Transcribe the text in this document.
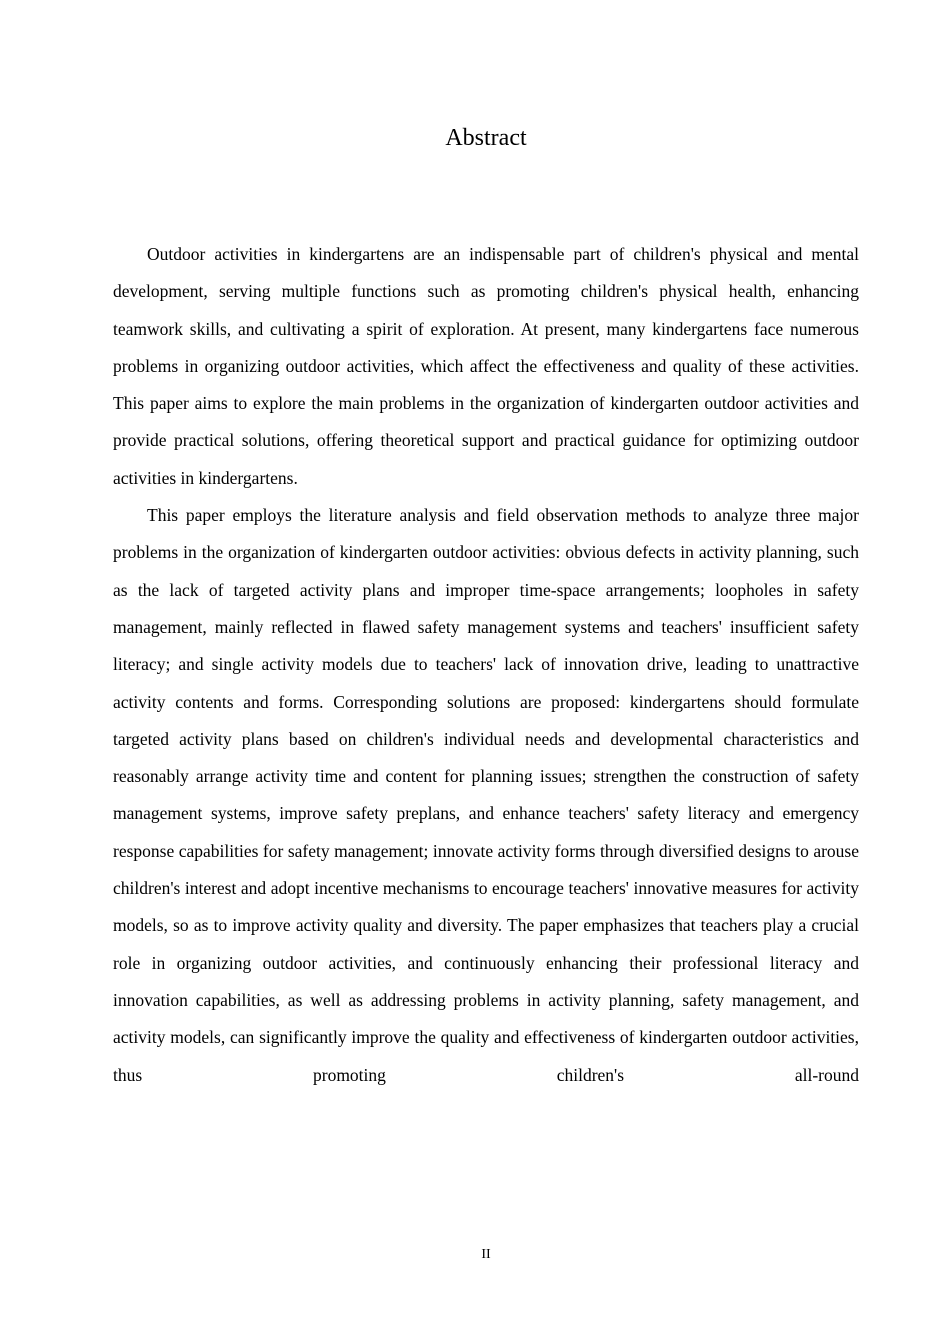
Abstract

Outdoor activities in kindergartens are an indispensable part of children's physical and mental development, serving multiple functions such as promoting children's physical health, enhancing teamwork skills, and cultivating a spirit of exploration. At present, many kindergartens face numerous problems in organizing outdoor activities, which affect the effectiveness and quality of these activities. This paper aims to explore the main problems in the organization of kindergarten outdoor activities and provide practical solutions, offering theoretical support and practical guidance for optimizing outdoor activities in kindergartens.

This paper employs the literature analysis and field observation methods to analyze three major problems in the organization of kindergarten outdoor activities: obvious defects in activity planning, such as the lack of targeted activity plans and improper time-space arrangements; loopholes in safety management, mainly reflected in flawed safety management systems and teachers' insufficient safety literacy; and single activity models due to teachers' lack of innovation drive, leading to unattractive activity contents and forms. Corresponding solutions are proposed: kindergartens should formulate targeted activity plans based on children's individual needs and developmental characteristics and reasonably arrange activity time and content for planning issues; strengthen the construction of safety management systems, improve safety preplans, and enhance teachers' safety literacy and emergency response capabilities for safety management; innovate activity forms through diversified designs to arouse children's interest and adopt incentive mechanisms to encourage teachers' innovative measures for activity models, so as to improve activity quality and diversity. The paper emphasizes that teachers play a crucial role in organizing outdoor activities, and continuously enhancing their professional literacy and innovation capabilities, as well as addressing problems in activity planning, safety management, and activity models, can significantly improve the quality and effectiveness of kindergarten outdoor activities, thus promoting children's all-round

II
